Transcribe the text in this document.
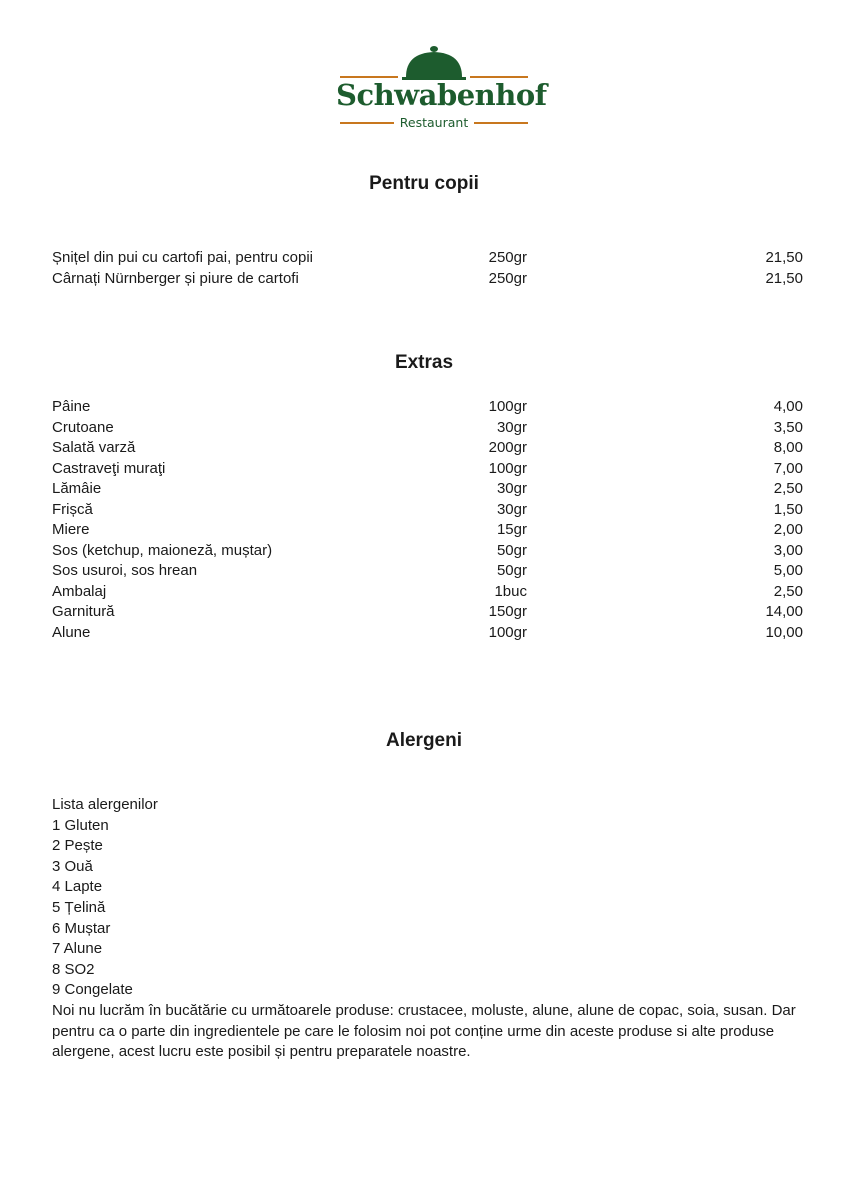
Schwabenhof
Restaurant
Pentru copii
Șnițel din pui cu cartofi pai, pentru copii	250gr	21,50
Cârnați Nürnberger și piure de cartofi	250gr	21,50
Extras
Pâine	100gr	4,00
Crutoane	30gr	3,50
Salată varză	200gr	8,00
Castraveţi muraţi	100gr	7,00
Lămâie	30gr	2,50
Frișcă	30gr	1,50
Miere	15gr	2,00
Sos (ketchup, maioneză, muștar)	50gr	3,00
Sos usuroi, sos hrean	50gr	5,00
Ambalaj	1buc	2,50
Garnitură	150gr	14,00
Alune	100gr	10,00
Alergeni
Lista alergenilor
1 Gluten
2 Pește
3 Ouă
4 Lapte
5 Țelină
6 Muștar
7 Alune
8 SO2
9 Congelate

Noi nu lucrăm în bucătărie cu următoarele produse: crustacee, moluste, alune, alune de copac, soia, susan. Dar pentru ca o parte din ingredientele pe care le folosim noi pot conține urme din aceste produse si alte produse alergene, acest lucru este posibil și pentru preparatele noastre.
